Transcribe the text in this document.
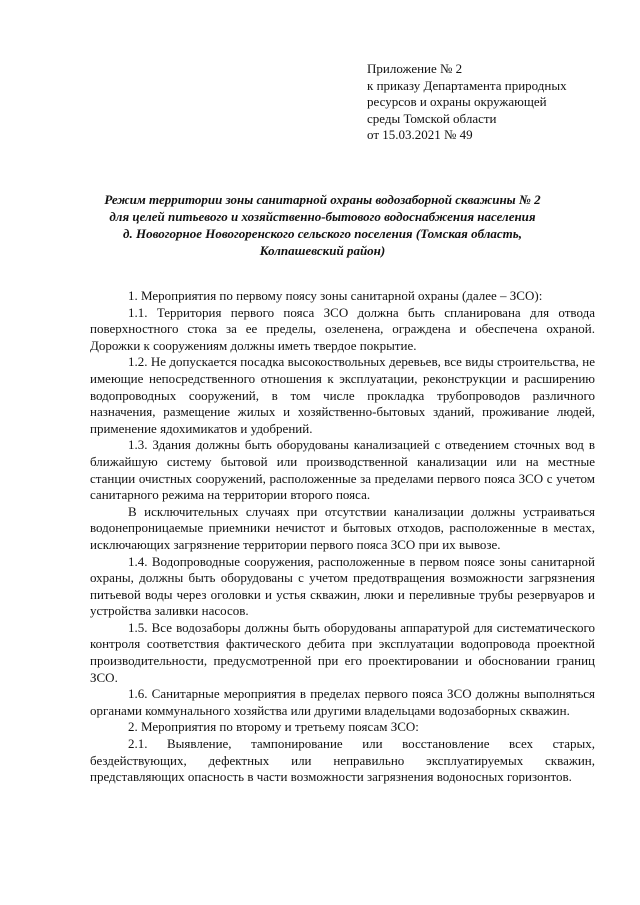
Приложение № 2
к приказу Департамента природных
ресурсов и охраны окружающей
среды Томской области
от 15.03.2021 № 49
Режим территории зоны санитарной охраны водозаборной скважины № 2
для целей питьевого и хозяйственно-бытового водоснабжения населения
д. Новогорное Новогоренского сельского поселения (Томская область,
Колпашевский район)

1. Мероприятия по первому поясу зоны санитарной охраны (далее – ЗСО):

1.1. Территория первого пояса ЗСО должна быть спланирована для отвода поверхностного стока за ее пределы, озеленена, ограждена и обеспечена охраной. Дорожки к сооружениям должны иметь твердое покрытие.

1.2. Не допускается посадка высокоствольных деревьев, все виды строительства, не имеющие непосредственного отношения к эксплуатации, реконструкции и расширению водопроводных сооружений, в том числе прокладка трубопроводов различного назначения, размещение жилых и хозяйственно-бытовых зданий, проживание людей, применение ядохимикатов и удобрений.

1.3. Здания должны быть оборудованы канализацией с отведением сточных вод в ближайшую систему бытовой или производственной канализации или на местные станции очистных сооружений, расположенные за пределами первого пояса ЗСО с учетом санитарного режима на территории второго пояса.

В исключительных случаях при отсутствии канализации должны устраиваться водонепроницаемые приемники нечистот и бытовых отходов, расположенные в местах, исключающих загрязнение территории первого пояса ЗСО при их вывозе.

1.4. Водопроводные сооружения, расположенные в первом поясе зоны санитарной охраны, должны быть оборудованы с учетом предотвращения возможности загрязнения питьевой воды через оголовки и устья скважин, люки и переливные трубы резервуаров и устройства заливки насосов.

1.5. Все водозаборы должны быть оборудованы аппаратурой для систематического контроля соответствия фактического дебита при эксплуатации водопровода проектной производительности, предусмотренной при его проектировании и обосновании границ ЗСО.

1.6. Санитарные мероприятия в пределах первого пояса ЗСО должны выполняться органами коммунального хозяйства или другими владельцами водозаборных скважин.

2. Мероприятия по второму и третьему поясам ЗСО:

2.1. Выявление, тампонирование или восстановление всех старых, бездействующих, дефектных или неправильно эксплуатируемых скважин, представляющих опасность в части возможности загрязнения водоносных горизонтов.
